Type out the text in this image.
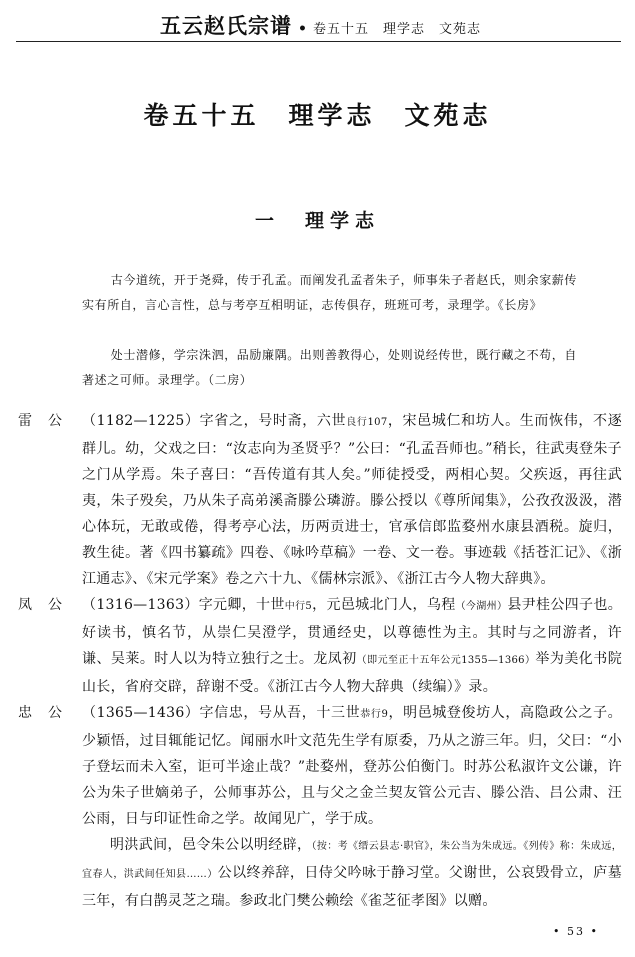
五云赵氏宗谱 • 卷五十五　理学志　文苑志
卷五十五　理学志　文苑志
一　理学志

古今道统，开于尧舜，传于孔孟。而阐发孔孟者朱子，师事朱子者赵氏，则余家薪传实有所自，言心言性，总与考亭互相明证，志传俱存，班班可考，录理学。《长房》

处士潜修，学宗洙泗，品励廉隅。出则善教得心，处则说经传世，既行藏之不苟，自著述之可师。录理学。（二房）

雷公 （1182—1225）字省之，号时斋，六世良行107，宋邑城仁和坊人。生而恢伟，不逐群儿。幼，父戏之曰：“汝志向为圣贤乎？”公曰：“孔孟吾师也。”稍长，往武夷登朱子之门从学焉。朱子喜曰：“吾传道有其人矣。”师徒授受，两相心契。父疾返，再往武夷，朱子殁矣，乃从朱子高弟溪斋滕公璘游。滕公授以《尊所闻集》，公孜孜汲汲，潜心体玩，无敢或倦，得考亭心法，历两贡进士，官承信郎监婺州水康县酒税。旋归，教生徒。著《四书纂疏》四卷、《咏吟草稿》一卷、文一卷。事迹载《括苍汇记》、《浙江通志》、《宋元学案》卷之六十九、《儒林宗派》、《浙江古今人物大辞典》。
凤公 （1316—1363）字元卿，十世中行5，元邑城北门人，乌程（今湖州）县尹桂公四子也。好读书，慎名节，从崇仁吴澄学，贯通经史，以尊德性为主。其时与之同游者，许谦、吴莱。时人以为特立独行之士。龙凤初（即元至正十五年公元1355—1366）举为美化书院山长，省府交辟，辞谢不受。《浙江古今人物大辞典（续编）》录。
忠公 （1365—1436）字信忠，号从吾，十三世恭行9，明邑城登俊坊人，高隐政公之子。少颖悟，过目辄能记忆。闻丽水叶文范先生学有原委，乃从之游三年。归，父曰：“小子登坛而未入室，讵可半途止哉？”赴婺州，登苏公伯衡门。时苏公私淑许文公谦，许公为朱子世嫡弟子，公师事苏公，且与父之金兰契友管公元吉、滕公浩、吕公肃、汪公雨，日与印证性命之学。故闻见广，学于成。
明洪武间，邑令朱公以明经辟，（按：考《缙云县志·职官》，朱公当为朱成远。《列传》称：朱成远，宜春人，洪武间任知县……）公以终养辞，日侍父吟咏于静习堂。父谢世，公哀毁骨立，庐墓三年，有白鹊灵芝之瑞。参政北门樊公赖绘《雀芝征孝图》以赠。
• 53 •
